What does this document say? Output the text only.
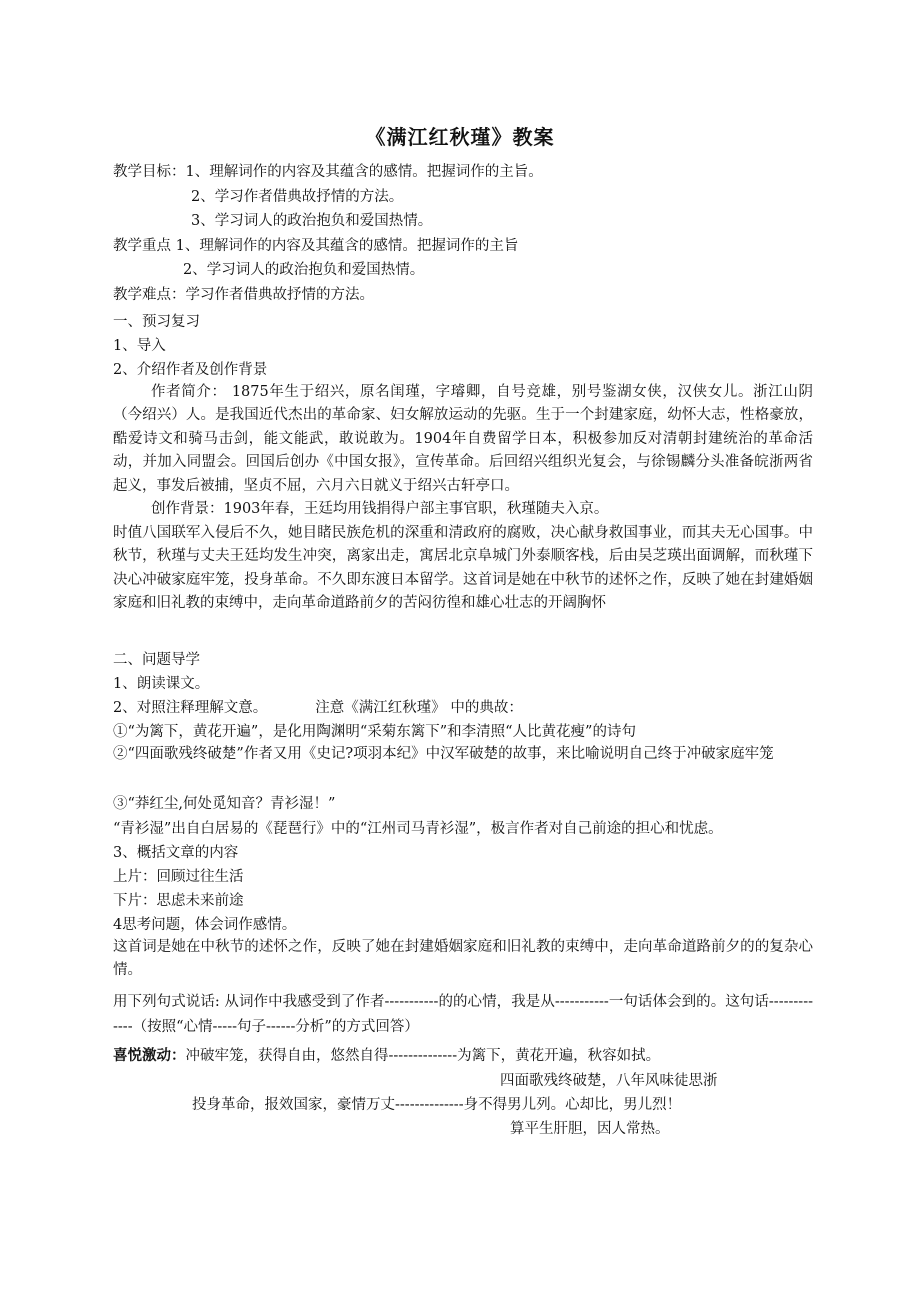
《满江红秋瑾》教案
教学目标：1、理解词作的内容及其蕴含的感情。把握词作的主旨。
2、学习作者借典故抒情的方法。
3、学习词人的政治抱负和爱国热情。
教学重点 1、理解词作的内容及其蕴含的感情。把握词作的主旨
2、学习词人的政治抱负和爱国热情。
教学难点：学习作者借典故抒情的方法。
一、预习复习
1、导入
2、介绍作者及创作背景
作者简介： 1875年生于绍兴，原名闺瑾，字璿卿，自号竞雄，别号鉴湖女侠，汉侠女儿。浙江山阴（今绍兴）人。是我国近代杰出的革命家、妇女解放运动的先驱。生于一个封建家庭，幼怀大志，性格豪放，酷爱诗文和骑马击剑，能文能武，敢说敢为。1904年自费留学日本，积极参加反对清朝封建统治的革命活动，并加入同盟会。回国后创办《中国女报》，宣传革命。后回绍兴组织光复会，与徐锡麟分头准备皖浙两省起义，事发后被捕，坚贞不屈，六月六日就义于绍兴古轩亭口。
创作背景：1903年春，王廷均用钱捐得户部主事官职，秋瑾随夫入京。
时值八国联军入侵后不久，她目睹民族危机的深重和清政府的腐败，决心献身救国事业，而其夫无心国事。中秋节，秋瑾与丈夫王廷均发生冲突，离家出走，寓居北京阜城门外泰顺客栈，后由吴芝瑛出面调解，而秋瑾下决心冲破家庭牢笼，投身革命。不久即东渡日本留学。这首词是她在中秋节的述怀之作，反映了她在封建婚姻家庭和旧礼教的束缚中，走向革命道路前夕的苦闷彷徨和雄心壮志的开阔胸怀
二、问题导学
1、朗读课文。
2、对照注释理解文意。	注意《满江红秋瑾》 中的典故：
①“为篱下，黄花开遍”，是化用陶渊明“采菊东篱下”和李清照“人比黄花瘦”的诗句
②“四面歌残终破楚”作者又用《史记?项羽本纪》中汉军破楚的故事，来比喻说明自己终于冲破家庭牢笼
③“莽红尘,何处觅知音？青衫湿！”
“青衫湿”出自白居易的《琵琶行》中的“江州司马青衫湿”，极言作者对自己前途的担心和忧虑。
3、概括文章的内容
上片：回顾过往生活
下片：思虑未来前途
4思考问题，体会词作感情。
这首词是她在中秋节的述怀之作，反映了她在封建婚姻家庭和旧礼教的束缚中，走向革命道路前夕的的复杂心情。
用下列句式说话: 从词作中我感受到了作者-----------的的心情，我是从-----------一句话体会到的。这句话-------------（按照“心情-----句子------分析”的方式回答）
喜悦激动：冲破牢笼，获得自由，悠然自得--------------为篱下，黄花开遍，秋容如拭。
四面歌残终破楚，八年风味徒思浙
投身革命，报效国家，豪情万丈--------------身不得男儿列。心却比，男儿烈！
算平生肝胆，因人常热。
